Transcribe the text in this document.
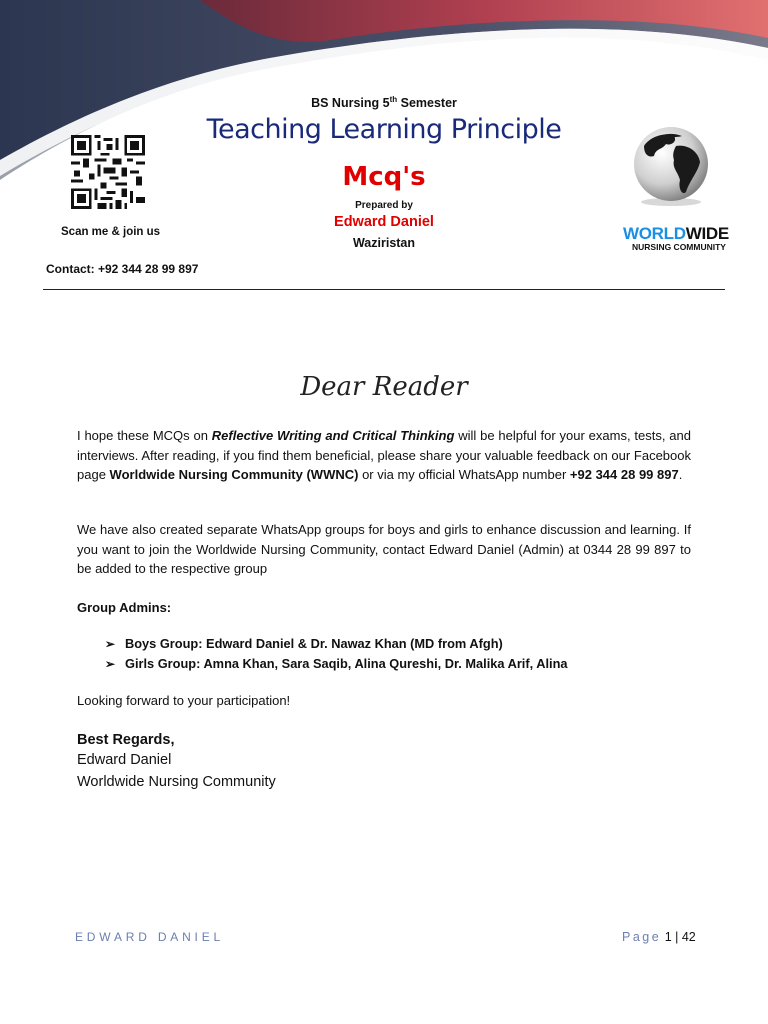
BS Nursing 5th Semester
Teaching Learning Principle
Mcq's
Prepared by
Edward Daniel
Waziristan
Scan me & join us
Contact: +92 344 28 99 897
WORLDWIDE
NURSING COMMUNITY
Dear Reader
I hope these MCQs on Reflective Writing and Critical Thinking will be helpful for your exams, tests, and interviews. After reading, if you find them beneficial, please share your valuable feedback on our Facebook page Worldwide Nursing Community (WWNC) or via my official WhatsApp number +92 344 28 99 897.
We have also created separate WhatsApp groups for boys and girls to enhance discussion and learning. If you want to join the Worldwide Nursing Community, contact Edward Daniel (Admin) at 0344 28 99 897 to be added to the respective group
Group Admins:
➢ Boys Group: Edward Daniel & Dr. Nawaz Khan (MD from Afgh)
➢ Girls Group: Amna Khan, Sara Saqib, Alina Qureshi, Dr. Malika Arif, Alina
Looking forward to your participation!
Best Regards,
Edward Daniel
Worldwide Nursing Community
EDWARD DANIEL	Page 1 | 42
